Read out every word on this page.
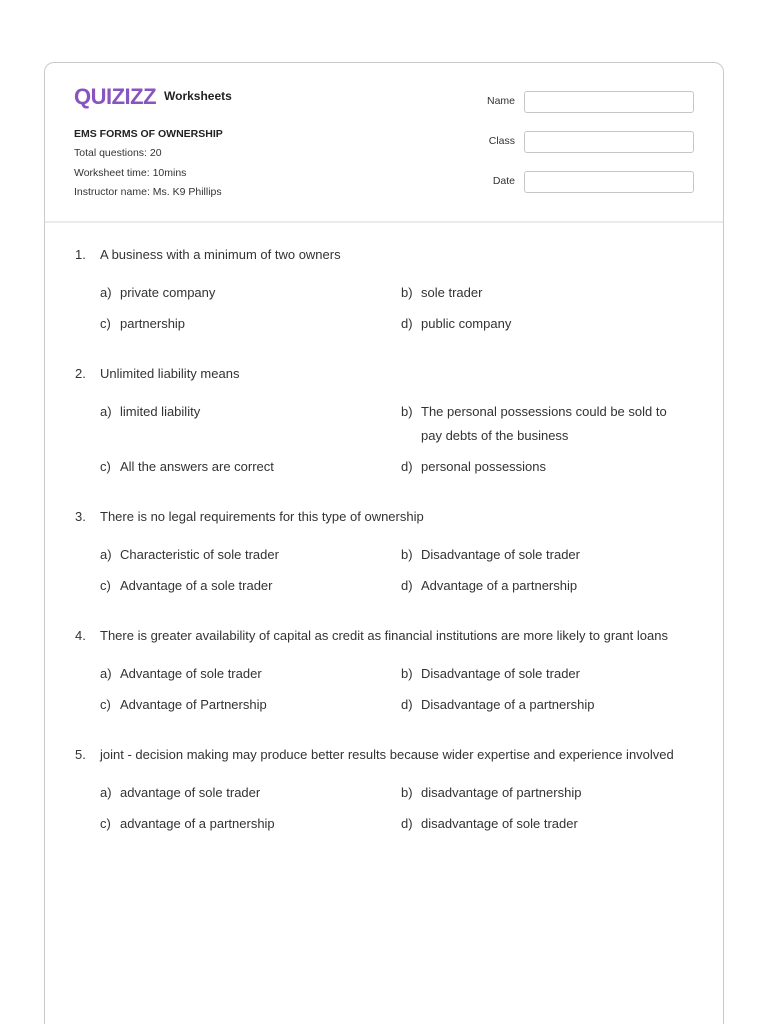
QUIZIZZ Worksheets
EMS FORMS OF OWNERSHIP
Total questions: 20
Worksheet time: 10mins
Instructor name: Ms. K9 Phillips
Name
Class
Date
1.	A business with a minimum of two owners
a) private company	b) sole trader
c) partnership	d) public company
2.	Unlimited liability means
a) limited liability	b) The personal possessions could be sold to pay debts of the business
c) All the answers are correct	d) personal possessions
3.	There is no legal requirements for this type of ownership
a) Characteristic of sole trader	b) Disadvantage of sole trader
c) Advantage of a sole trader	d) Advantage of a partnership
4.	There is greater availability of capital as credit as financial institutions are more likely to grant loans
a) Advantage of sole trader	b) Disadvantage of sole trader
c) Advantage of Partnership	d) Disadvantage of a partnership
5.	joint - decision making may produce better results because wider expertise and experience involved
a) advantage of sole trader	b) disadvantage of partnership
c) advantage of a partnership	d) disadvantage of sole trader
